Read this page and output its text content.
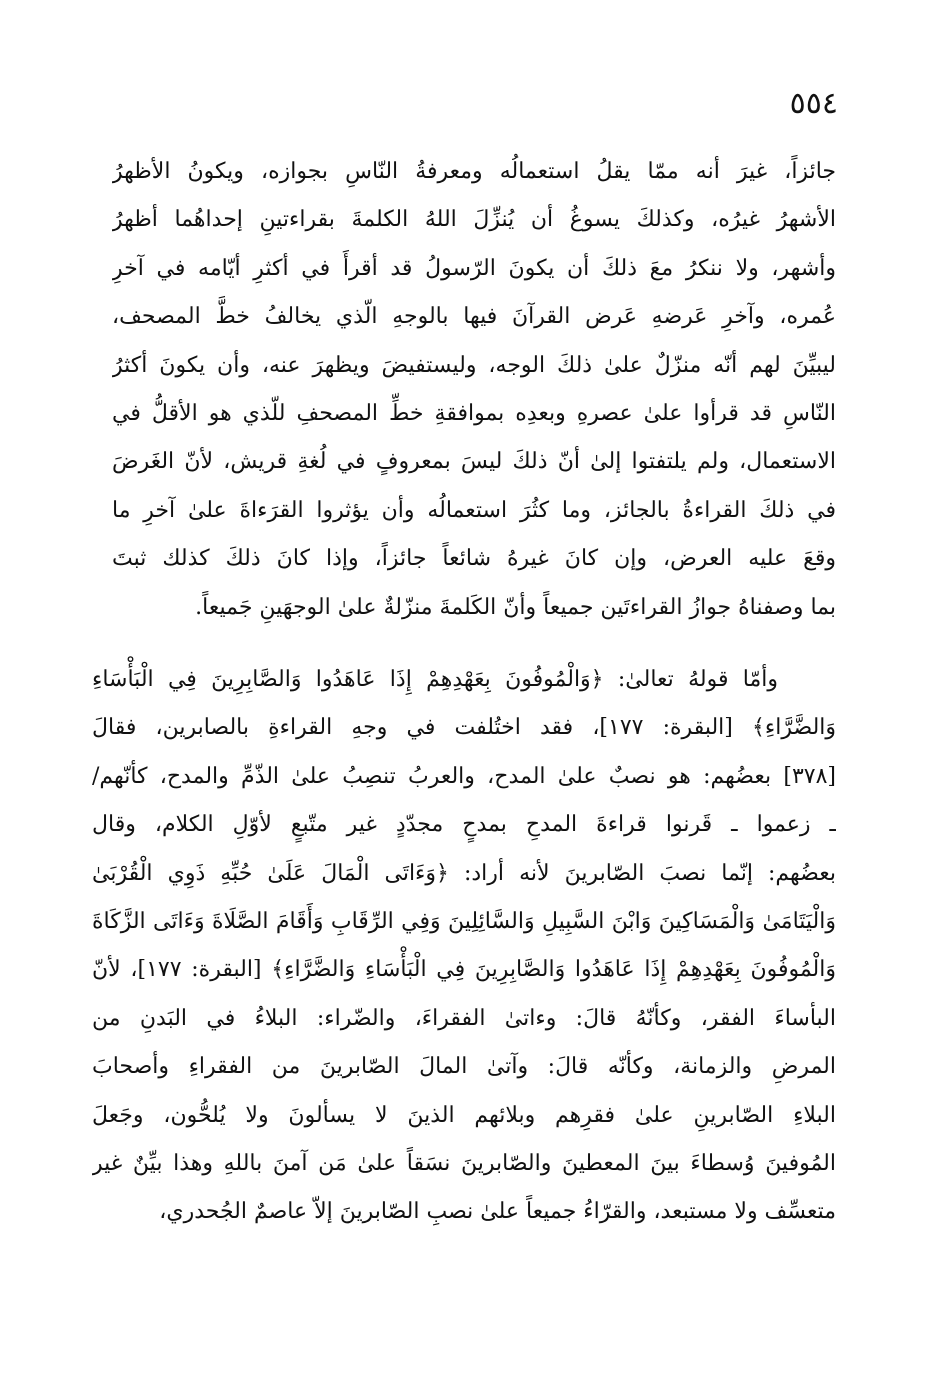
٥٥٤
جائزاً، غيرَ أنه ممّا يقلُ استعمالُه ومعرفةُ النّاسِ بجوازه، ويكونُ الأظهرُ
الأشهرُ غيرُه، وكذلكَ يسوغُ أن يُنزِّلَ اللهُ الكلمةَ بقراءتينِ إحداهُما أظهرُ
وأشهر، ولا ننكرُ معَ ذلكَ أن يكونَ الرّسولُ قد أقرأَ في أكثرِ أيّامه في آخرِ
عُمره، وآخرِ عَرضهِ عَرض القرآنَ فيها بالوجهِ الّذي يخالفُ خطَّ المصحف،
ليبيِّنَ لهم أنّه منزّلٌ علىٰ ذلكَ الوجه، وليستفيضَ ويظهرَ عنه، وأن يكونَ أكثرُ
النّاسِ قد قرأوا علىٰ عصرهِ وبعدِه بموافقةِ خطِّ المصحفِ للّذي هو الأقلُّ في
الاستعمال، ولم يلتفتوا إلىٰ أنّ ذلكَ ليسَ بمعروفٍ في لُغةِ قريش، لأنّ الغَرضَ
في ذلكَ القراءةُ بالجائز، وما كثُرَ استعمالُه وأن يؤثروا القرَءاةَ علىٰ آخرِ ما
وقعَ عليه العرض، وإن كانَ غيرهُ شائعاً جائزاً، وإذا كانَ ذلكَ كذلك ثبتَ
بما وصفناهُ جوازُ القراءتَين جميعاً وأنّ الكَلمةَ منزّلةٌ علىٰ الوجهَينِ جَميعاً.
وأمّا قولهُ تعالىٰ: ﴿وَالْمُوفُونَ بِعَهْدِهِمْ إِذَا عَاهَدُوا وَالصَّابِرِينَ فِي الْبَأْسَاءِ
وَالضَّرَّاءِ﴾ [البقرة: ١٧٧]، فقد اختُلفت في وجهِ القراءةِ بالصابرين، فقالَ
[٣٧٨] بعضُهم: هو نصبٌ علىٰ المدح، والعربُ تنصِبُ علىٰ الذّمِّ والمدح، كأنّهم/
ـ زعموا ـ قَرنوا قراءةَ المدحِ بمدحٍ مجدّدٍ غير متّبعٍ لأوّلِ الكلام، وقال
بعضُهم: إنّما نصبَ الصّابرينَ لأنه أراد: ﴿وَءَاتَى الْمَالَ عَلَىٰ حُبِّهِ ذَوِي الْقُرْبَىٰ
وَالْيَتَامَىٰ وَالْمَسَاكِينَ وَابْنَ السَّبِيلِ وَالسَّائِلِينَ وَفِي الرِّقَابِ وَأَقَامَ الصَّلَاةَ وَءَاتَى الزَّكَاةَ
وَالْمُوفُونَ بِعَهْدِهِمْ إِذَا عَاهَدُوا وَالصَّابِرِينَ فِي الْبَأْسَاءِ وَالضَّرَّاءِ﴾ [البقرة: ١٧٧]، لأنّ
البأساءَ الفقر، وكأنّهُ قالَ: وءاتىٰ الفقراءَ، والضّراء: البلاءُ في البَدنِ من
المرضِ والزمانة، وكأنّه قالَ: وآتىٰ المالَ الصّابرينَ من الفقراءِ وأصحابَ
البلاءِ الصّابرينِ علىٰ فقرِهم وبلائهم الذينَ لا يسألونَ ولا يُلحُّون، وجَعلَ
المُوفينَ وُسطاءَ بينَ المعطينَ والصّابرينَ نسَقاً علىٰ مَن آمنَ باللهِ وهذا بيِّنٌ غير
متعسِّف ولا مستبعد، والقرّاءُ جميعاً علىٰ نصبِ الصّابرينَ إلاّ عاصمٌ الجُحدري،
